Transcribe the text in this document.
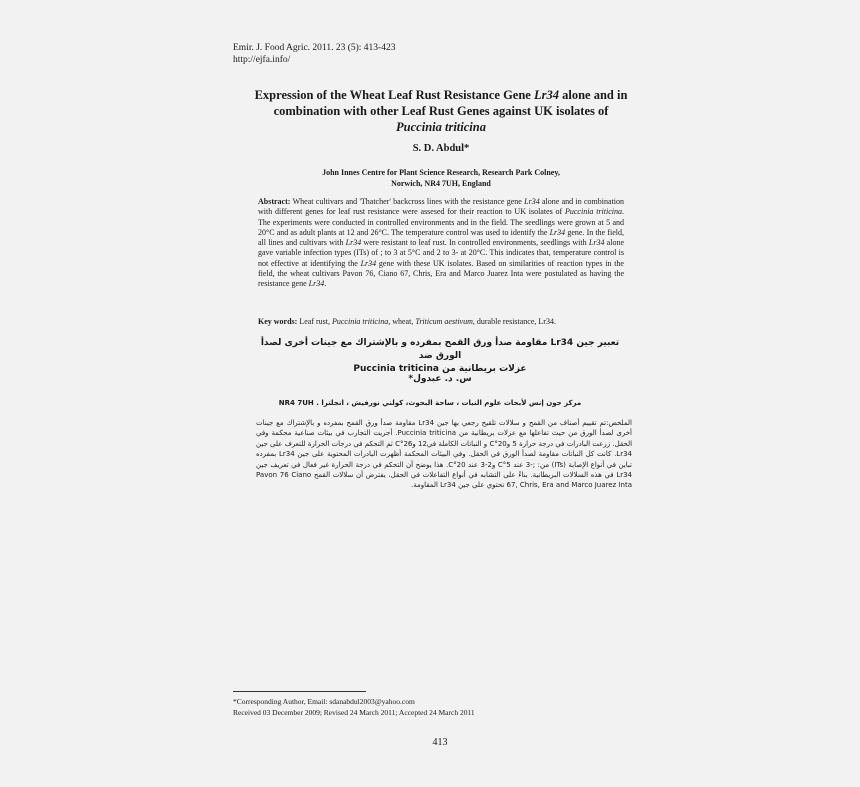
Emir. J. Food Agric. 2011. 23 (5): 413-423
http://ejfa.info/
Expression of the Wheat Leaf Rust Resistance Gene Lr34 alone and in combination with other Leaf Rust Genes against UK isolates of Puccinia triticina
S. D. Abdul*
John Innes Centre for Plant Science Research, Research Park Colney,
Norwich, NR4 7UH, England
Abstract: Wheat cultivars and 'Thatcher' backcross lines with the resistance gene Lr34 alone and in combination with different genes for leaf rust resistance were assesed for their reaction to UK isolates of Puccinia triticina. The experiments were conducted in controlled environments and in the field. The seedlings were grown at 5 and 20°C and as adult plants at 12 and 26°C. The temperature control was used to identify the Lr34 gene. In the field, all lines and cultivars with Lr34 were resistant to leaf rust. In controlled environments, seedlings with Lr34 alone gave variable infection types (ITs) of ; to 3 at 5°C and 2 to 3- at 20°C. This indicates that, temperature control is not effective at identifying the Lr34 gene with these UK isolates. Based on similarities of reaction types in the field, the wheat cultivars Pavon 76, Ciano 67, Chris, Era and Marco Juarez Inta were postulated as having the resistance gene Lr34.
Key words: Leaf rust, Puccinia triticina, wheat, Triticum aestivum, durable resistance, Lr34.
تعبير جين Lr34 مقاومة صدأ ورق القمح بمفرده و بالإشتراك مع جينات أخرى لصدأ الورق ضد
عزلات بريطانية من Puccinia triticina
س. د. عبدول*
مركز جون إنس لأبحاث علوم النبات ، ساحة البحوث، كولني نورفيش ، انجلترا . NR4 7UH
الملخص:تم تقييم أصناف من القمح و سلالات تلقيح رجعي بها جين Lr34 مقاومة صدأ ورق القمح بمفرده و بالإشتراك مع جينات أخرى لصدأ الورق من حيث تفاعلها مع عزلات بريطانية من Puccinia triticina. أجريت التجارب في بيئات صناعية محكمة وفي الحقل. زرعت البادرات في درجة حرارة 5 و20°C و النباتات الكاملة في12 و26°C ثم التحكم في درجات الحرارة للتعرف على جين Lr34. كانت كل النباتات مقاومة لصدأ الورق في الحقل. وفي البيئات المحكمة أظهرت البادرات المحتوية على جين Lr34 بمفرده تباين في أنواع الإصابة (ITs) من: ;-3 عند 5°C و2-3 عند 20°C. هذا يوضح أن التحكم في درجة الحرارة غير فعال في تعريف جين Lr34 في هذه السلالات البريطانية. بناءً على التشابه في أنواع التفاعلات في الحقل، يفترض أن سلالات القمح Pavon 76 Ciano 67, Chris, Era and Marco Juarez Inta تحتوي على جين Lr34 المقاومة.
*Corresponding Author, Email: sdanabdul2003@yahoo.com
Received 03 December 2009; Revised 24 March 2011; Accepted 24 March 2011
413
